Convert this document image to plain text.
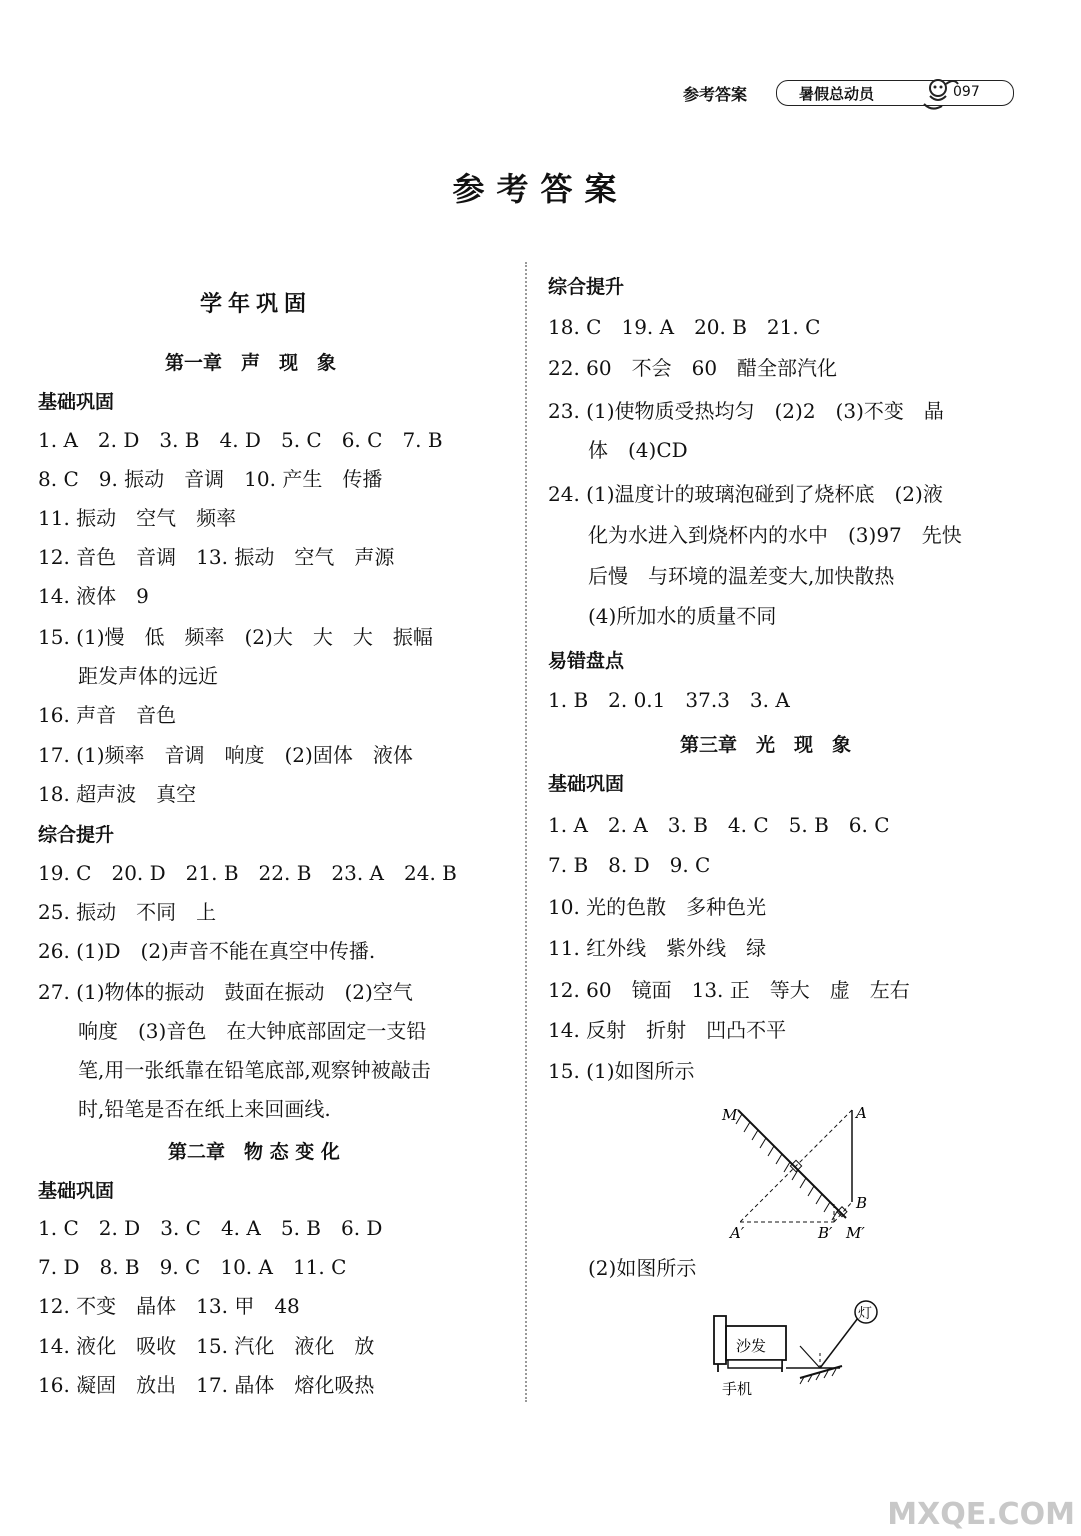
参考答案	暑假总动员	097
参考答案
学年巩固
第一章　声　现　象
基础巩固
1. A　2. D　3. B　4. D　5. C　6. C　7. B
8. C　9. 振动　音调　10. 产生　传播
11. 振动　空气　频率
12. 音色　音调　13. 振动　空气　声源
14. 液体　9
15. (1)慢　低　频率　(2)大　大　大　振幅
　距发声体的远近
16. 声音　音色
17. (1)频率　音调　响度　(2)固体　液体
18. 超声波　真空
综合提升
19. C　20. D　21. B　22. B　23. A　24. B
25. 振动　不同　上
26. (1)D　(2)声音不能在真空中传播.
27. (1)物体的振动　鼓面在振动　(2)空气
　响度　(3)音色　在大钟底部固定一支铅
　笔,用一张纸靠在铅笔底部,观察钟被敲击
　时,铅笔是否在纸上来回画线.
第二章　物 态 变 化
基础巩固
1. C　2. D　3. C　4. A　5. B　6. D
7. D　8. B　9. C　10. A　11. C
12. 不变　晶体　13. 甲　48
14. 液化　吸收　15. 汽化　液化　放
16. 凝固　放出　17. 晶体　熔化吸热
综合提升
18. C　19. A　20. B　21. C
22. 60　不会　60　醋全部汽化
23. (1)使物质受热均匀　(2)2　(3)不变　晶
　体　(4)CD
24. (1)温度计的玻璃泡碰到了烧杯底　(2)液
　化为水进入到烧杯内的水中　(3)97　先快
　后慢　与环境的温差变大,加快散热
　(4)所加水的质量不同
易错盘点
1. B　2. 0.1　37.3　3. A
第三章　光　现　象
基础巩固
1. A　2. A　3. B　4. C　5. B　6. C
7. B　8. D　9. C
10. 光的色散　多种色光
11. 红外线　紫外线　绿
12. 60　镜面　13. 正　等大　虚　左右
14. 反射　折射　凹凸不平
15. (1)如图所示
M	A
B
A′	B′ M′
　(2)如图所示
沙发
手机
灯
MXQE.COM
